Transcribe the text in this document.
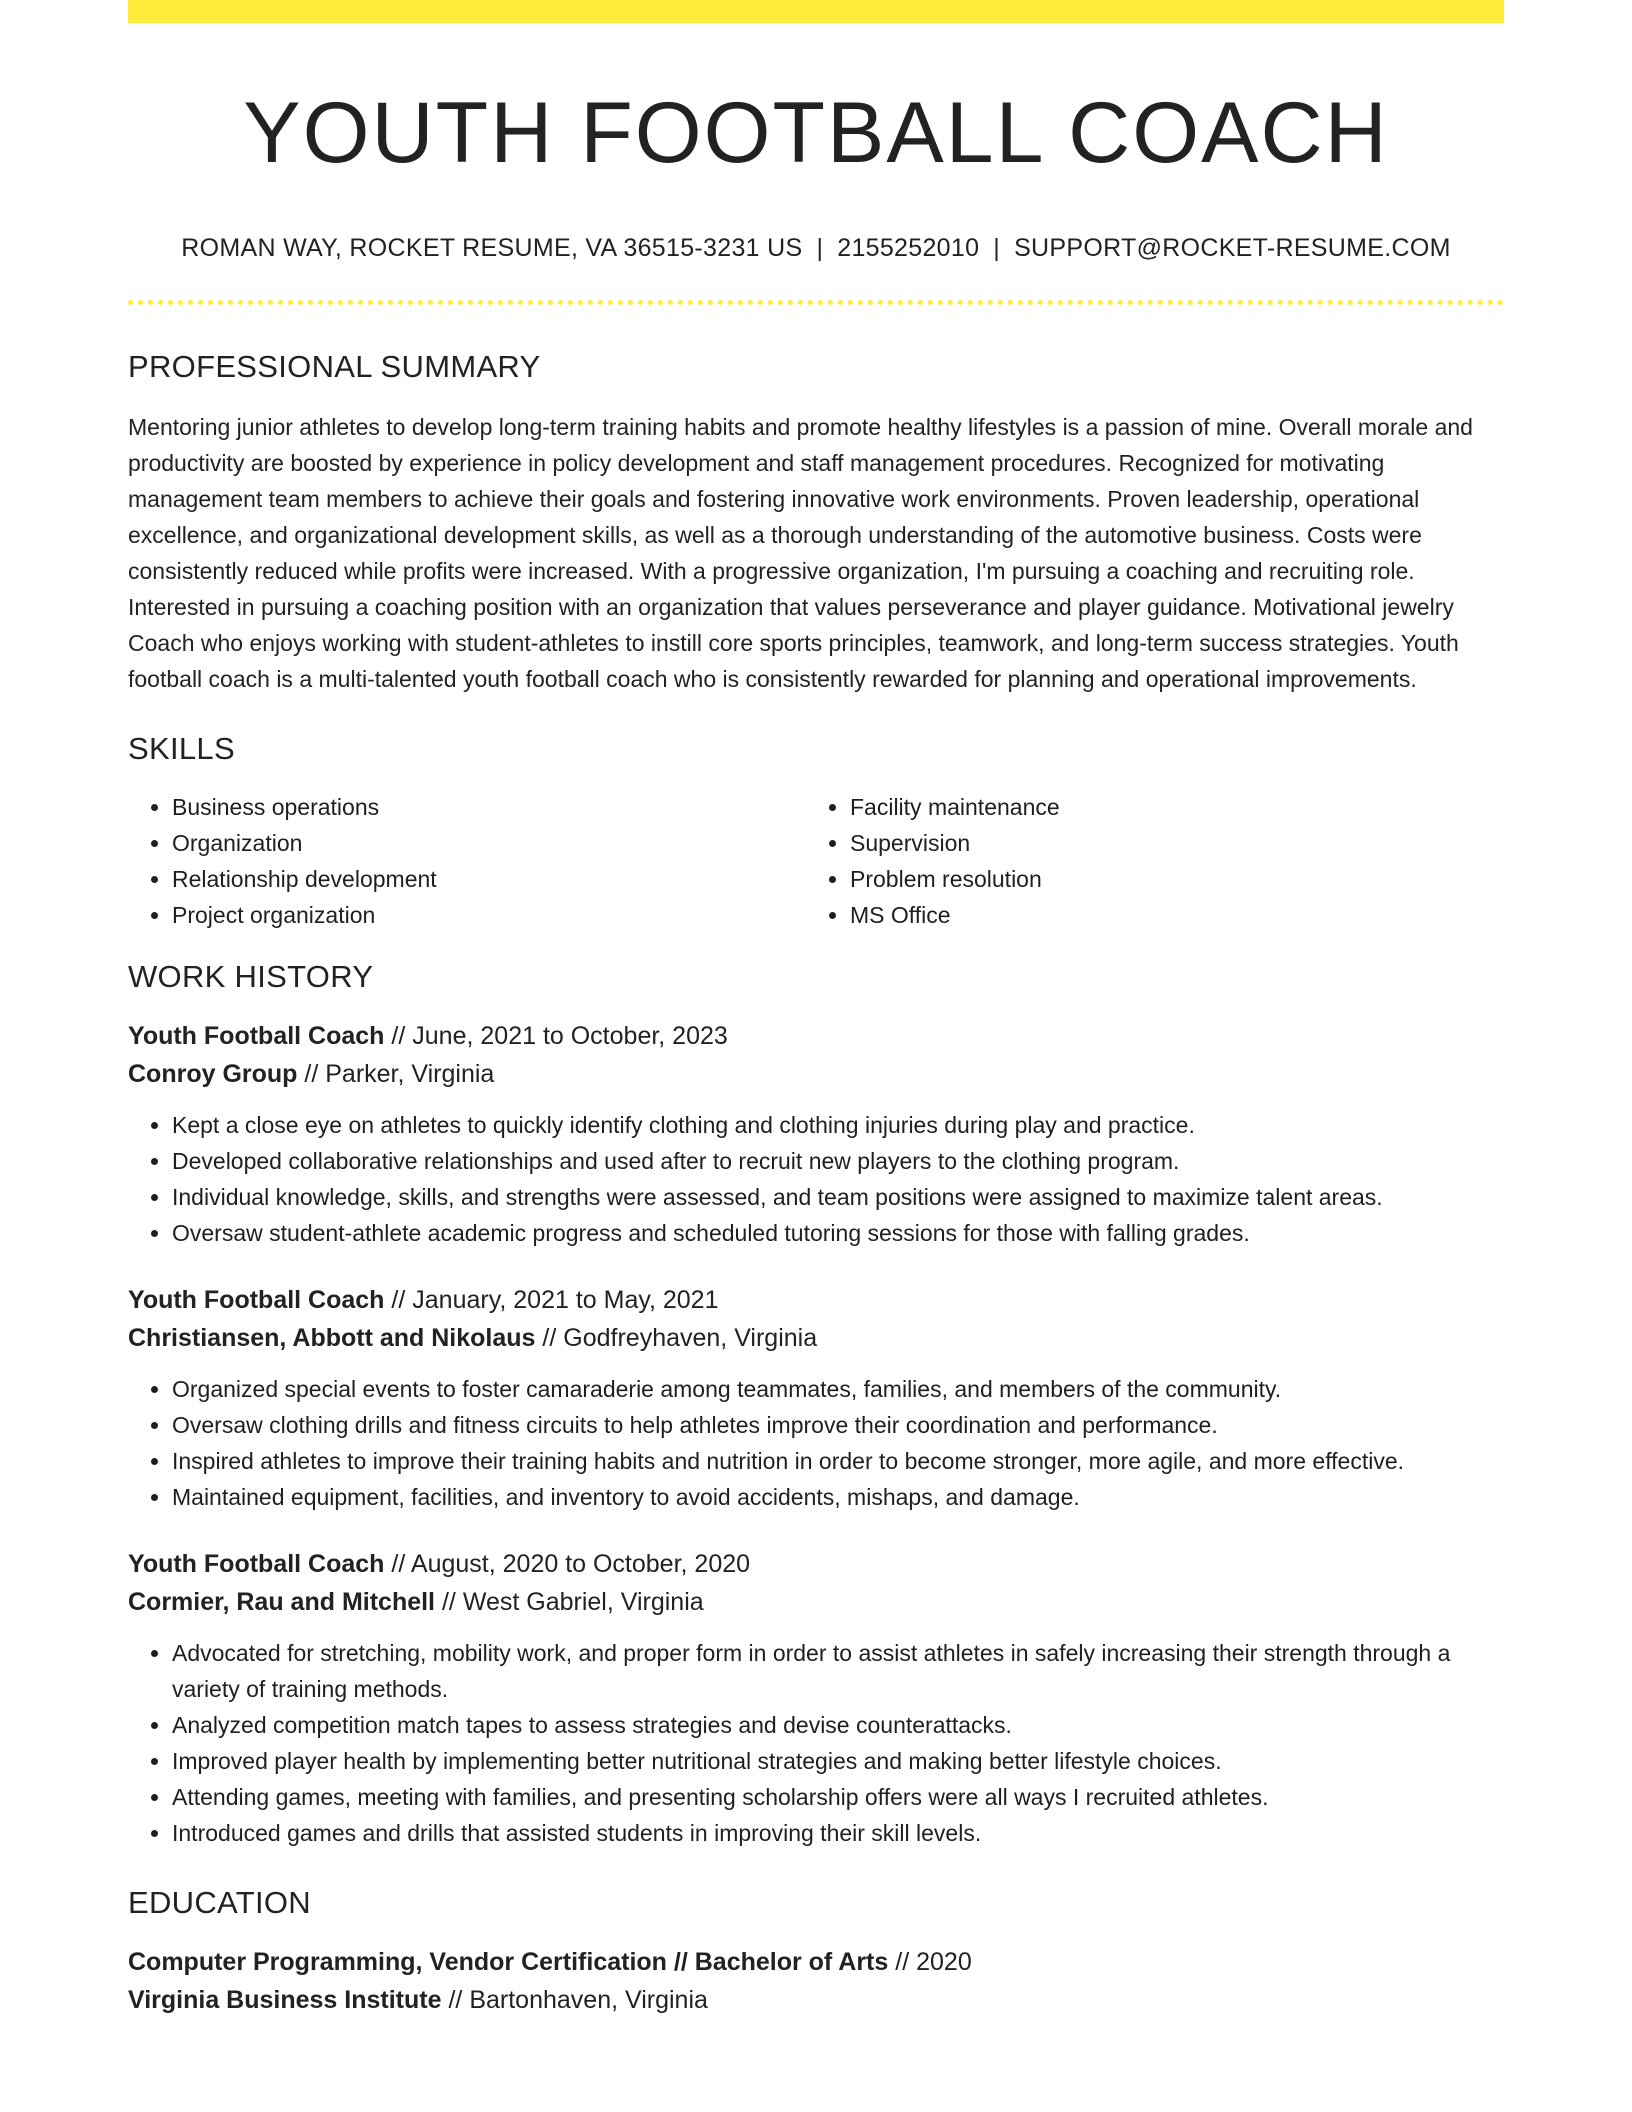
YOUTH FOOTBALL COACH
ROMAN WAY, ROCKET RESUME, VA 36515-3231 US | 2155252010 | SUPPORT@ROCKET-RESUME.COM
PROFESSIONAL SUMMARY
Mentoring junior athletes to develop long-term training habits and promote healthy lifestyles is a passion of mine. Overall morale and productivity are boosted by experience in policy development and staff management procedures. Recognized for motivating management team members to achieve their goals and fostering innovative work environments. Proven leadership, operational excellence, and organizational development skills, as well as a thorough understanding of the automotive business. Costs were consistently reduced while profits were increased. With a progressive organization, I'm pursuing a coaching and recruiting role. Interested in pursuing a coaching position with an organization that values perseverance and player guidance. Motivational jewelry Coach who enjoys working with student-athletes to instill core sports principles, teamwork, and long-term success strategies. Youth football coach is a multi-talented youth football coach who is consistently rewarded for planning and operational improvements.
SKILLS
• Business operations
• Organization
• Relationship development
• Project organization
• Facility maintenance
• Supervision
• Problem resolution
• MS Office
WORK HISTORY
Youth Football Coach // June, 2021 to October, 2023
Conroy Group // Parker, Virginia
• Kept a close eye on athletes to quickly identify clothing and clothing injuries during play and practice.
• Developed collaborative relationships and used after to recruit new players to the clothing program.
• Individual knowledge, skills, and strengths were assessed, and team positions were assigned to maximize talent areas.
• Oversaw student-athlete academic progress and scheduled tutoring sessions for those with falling grades.
Youth Football Coach // January, 2021 to May, 2021
Christiansen, Abbott and Nikolaus // Godfreyhaven, Virginia
• Organized special events to foster camaraderie among teammates, families, and members of the community.
• Oversaw clothing drills and fitness circuits to help athletes improve their coordination and performance.
• Inspired athletes to improve their training habits and nutrition in order to become stronger, more agile, and more effective.
• Maintained equipment, facilities, and inventory to avoid accidents, mishaps, and damage.
Youth Football Coach // August, 2020 to October, 2020
Cormier, Rau and Mitchell // West Gabriel, Virginia
• Advocated for stretching, mobility work, and proper form in order to assist athletes in safely increasing their strength through a variety of training methods.
• Analyzed competition match tapes to assess strategies and devise counterattacks.
• Improved player health by implementing better nutritional strategies and making better lifestyle choices.
• Attending games, meeting with families, and presenting scholarship offers were all ways I recruited athletes.
• Introduced games and drills that assisted students in improving their skill levels.
EDUCATION
Computer Programming, Vendor Certification // Bachelor of Arts // 2020
Virginia Business Institute // Bartonhaven, Virginia
